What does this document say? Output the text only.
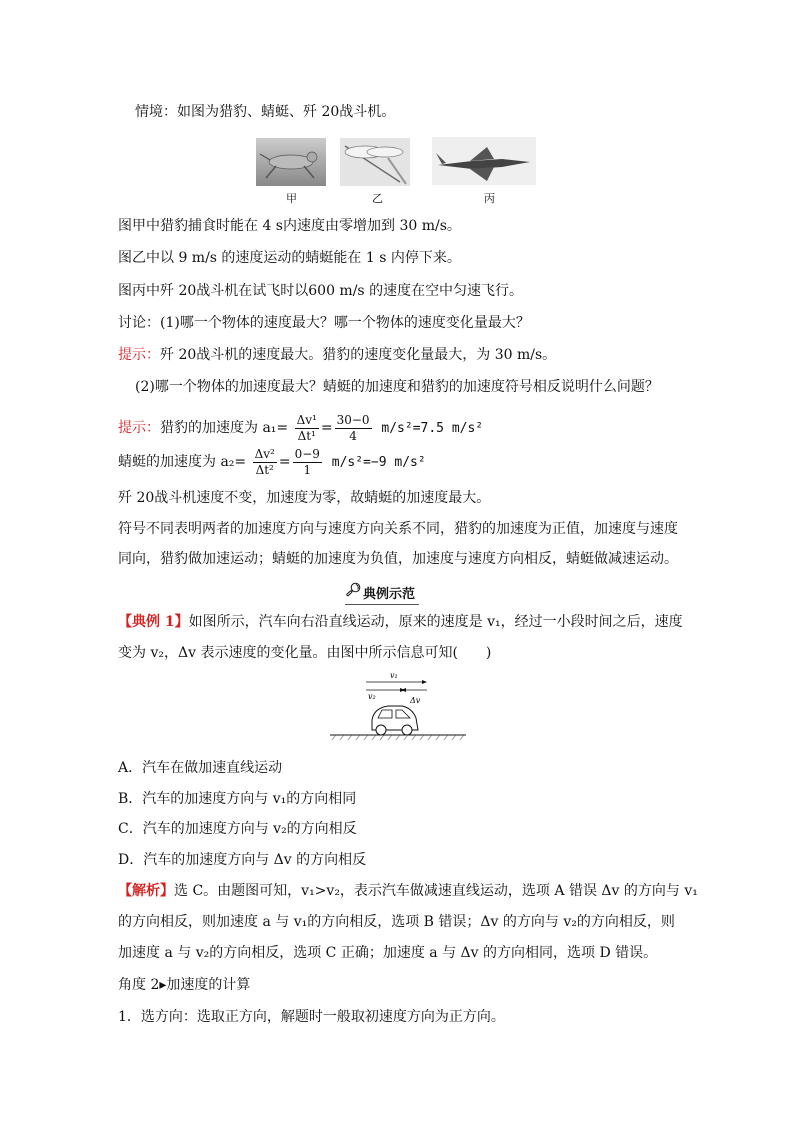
情境：如图为猎豹、蜻蜓、歼 20战斗机。
甲	乙	丙
图甲中猎豹捕食时能在 4 s内速度由零增加到 30 m/s。
图乙中以 9 m/s 的速度运动的蜻蜓能在 1 s 内停下来。
图丙中歼 20战斗机在试飞时以600 m/s 的速度在空中匀速飞行。
讨论：(1)哪一个物体的速度最大？哪一个物体的速度变化量最大？
提示：歼 20战斗机的速度最大。猎豹的速度变化量最大，为 30 m/s。
(2)哪一个物体的加速度最大？蜻蜓的加速度和猎豹的加速度符号相反说明什么问题？
提示：猎豹的加速度为 $a_1= \frac{\text{Δv¹}}{\text{Δt¹}} = \frac{30-0}{4} m/s^2=7.5$ m/s²
蜻蜓的加速度为 $a_2= \frac{\text{Δv²}}{\text{Δt²}} = \frac{0-9}{1} m/s^2=-9$ m/s²
歼 20战斗机速度不变，加速度为零，故蜻蜓的加速度最大。
符号不同表明两者的加速度方向与速度方向关系不同，猎豹的加速度为正值，加速度与速度
同向，猎豹做加速运动；蜻蜓的加速度为负值，加速度与速度方向相反，蜻蜓做减速运动。
🔎︎ 典例示范
【典例 1】如图所示，汽车向右沿直线运动，原来的速度是 v₁，经过一小段时间之后，速度
变为 v₂，Δv 表示速度的变化量。由图中所示信息可知(　　)
v₁
v₂	Δv
A．汽车在做加速直线运动
B．汽车的加速度方向与 v₁的方向相同
C．汽车的加速度方向与 v₂的方向相反
D．汽车的加速度方向与 Δv 的方向相反
【解析】选 C。由题图可知，v₁>v₂，表示汽车做减速直线运动，选项 A 错误 Δv 的方向与 v₁
的方向相反，则加速度 a 与 v₁的方向相反，选项 B 错误；Δv 的方向与 v₂的方向相反，则
加速度 a 与 v₂的方向相反，选项 C 正确；加速度 a 与 Δv 的方向相同，选项 D 错误。
角度 2▸加速度的计算
1．选方向：选取正方向，解题时一般取初速度方向为正方向。
